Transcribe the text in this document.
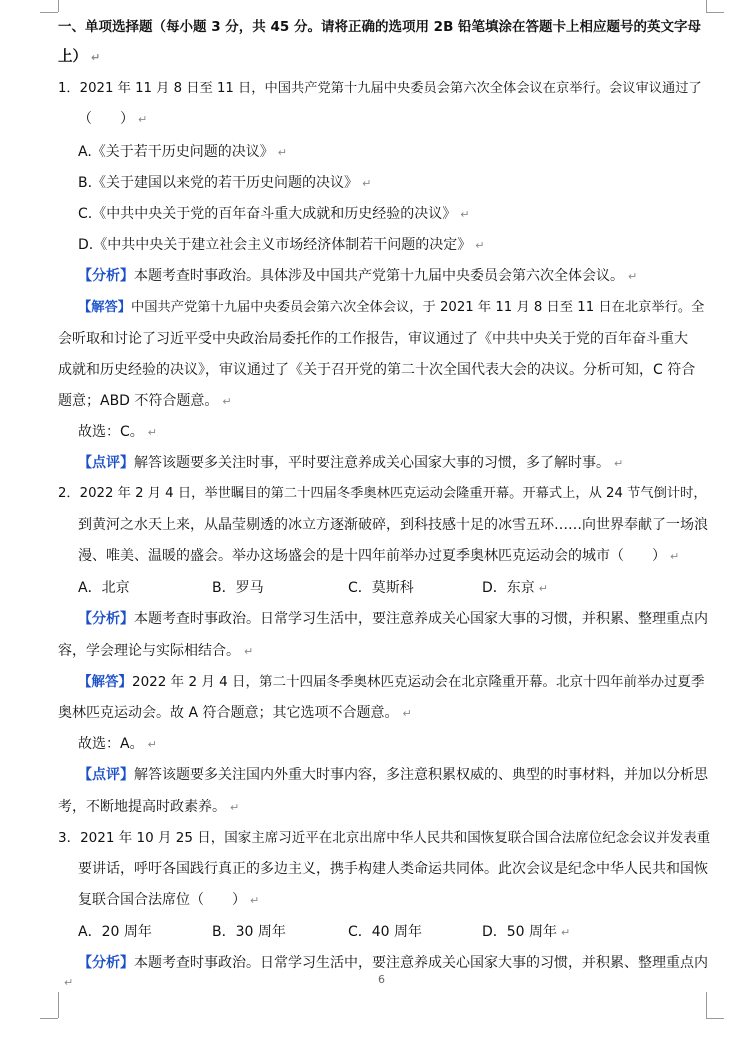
一、单项选择题（每小题 3 分，共 45 分。请将正确的选项用 2B 铅笔填涂在答题卡上相应题号的英文字母
上） ↵
1．2021 年 11 月 8 日至 11 日，中国共产党第十九届中央委员会第六次全体会议在京举行。会议审议通过了
（　　） ↵
A.《关于若干历史问题的决议》 ↵
B.《关于建国以来党的若干历史问题的决议》 ↵
C.《中共中央关于党的百年奋斗重大成就和历史经验的决议》 ↵
D.《中共中央关于建立社会主义市场经济体制若干问题的决定》 ↵
【分析】本题考查时事政治。具体涉及中国共产党第十九届中央委员会第六次全体会议。 ↵
【解答】中国共产党第十九届中央委员会第六次全体会议，于 2021 年 11 月 8 日至 11 日在北京举行。全
会听取和讨论了习近平受中央政治局委托作的工作报告，审议通过了《中共中央关于党的百年奋斗重大
成就和历史经验的决议》，审议通过了《关于召开党的第二十次全国代表大会的决议。分析可知，C 符合
题意；ABD 不符合题意。 ↵
故选：C。 ↵
【点评】解答该题要多关注时事，平时要注意养成关心国家大事的习惯，多了解时事。 ↵
2．2022 年 2 月 4 日，举世瞩目的第二十四届冬季奥林匹克运动会隆重开幕。开幕式上，从 24 节气倒计时，
到黄河之水天上来，从晶莹剔透的冰立方逐渐破碎，到科技感十足的冰雪五环……向世界奉献了一场浪
漫、唯美、温暖的盛会。举办这场盛会的是十四年前举办过夏季奥林匹克运动会的城市（　　） ↵
A．北京	B．罗马	C．莫斯科	D．东京 ↵
【分析】本题考查时事政治。日常学习生活中，要注意养成关心国家大事的习惯，并积累、整理重点内
容，学会理论与实际相结合。 ↵
【解答】2022 年 2 月 4 日，第二十四届冬季奥林匹克运动会在北京隆重开幕。北京十四年前举办过夏季
奥林匹克运动会。故 A 符合题意；其它选项不合题意。 ↵
故选：A。 ↵
【点评】解答该题要多关注国内外重大时事内容，多注意积累权威的、典型的时事材料，并加以分析思
考，不断地提高时政素养。 ↵
3．2021 年 10 月 25 日，国家主席习近平在北京出席中华人民共和国恢复联合国合法席位纪念会议并发表重
要讲话，呼吁各国践行真正的多边主义，携手构建人类命运共同体。此次会议是纪念中华人民共和国恢
复联合国合法席位（　　） ↵
A．20 周年	B．30 周年	C．40 周年	D．50 周年 ↵
【分析】本题考查时事政治。日常学习生活中，要注意养成关心国家大事的习惯，并积累、整理重点内
6
↵
